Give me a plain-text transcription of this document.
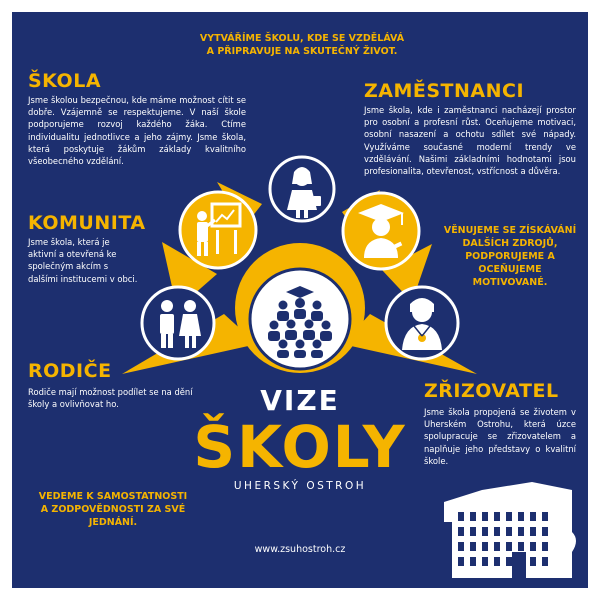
VYTVÁŘÍME ŠKOLU, KDE SE VZDĚLÁVÁ
A PŘIPRAVUJE NA SKUTEČNÝ ŽIVOT.
ŠKOLA
Jsme školou bezpečnou, kde máme možnost cítit se dobře. Vzájemně se respektujeme. V naší škole podporujeme rozvoj každého žáka. Ctíme individualitu jednotlivce a jeho zájmy. Jsme škola, která poskytuje žákům základy kvalitního všeobecného vzdělání.
ZAMĚSTNANCI
Jsme škola, kde i zaměstnanci nacházejí prostor pro osobní a profesní růst. Oceňujeme motivaci, osobní nasazení a ochotu sdílet své nápady. Využíváme současné moderní trendy ve vzdělávání. Našimi základními hodnotami jsou profesionalita, otevřenost, vstřícnost a důvěra.
KOMUNITA
Jsme škola, která je aktivní a otevřená ke společným akcím s dalšími institucemi v obci.
VĚNUJEME SE ZÍSKÁVÁNÍ
DALŠÍCH ZDROJŮ,
PODPORUJEME A OCEŇUJEME
MOTIVOVANÉ.
RODIČE
Rodiče mají možnost podílet se na dění školy a ovlivňovat ho.
ZŘIZOVATEL
Jsme škola propojená se životem v Uherském Ostrohu, která úzce spolupracuje se zřizovatelem a naplňuje jeho představy o kvalitní škole.
VIZE
ŠKOLY
UHERSKÝ OSTROH
VEDEME K SAMOSTATNOSTI
A ZODPOVĚDNOSTI ZA SVÉ
JEDNÁNÍ.
www.zsuhostroh.cz
